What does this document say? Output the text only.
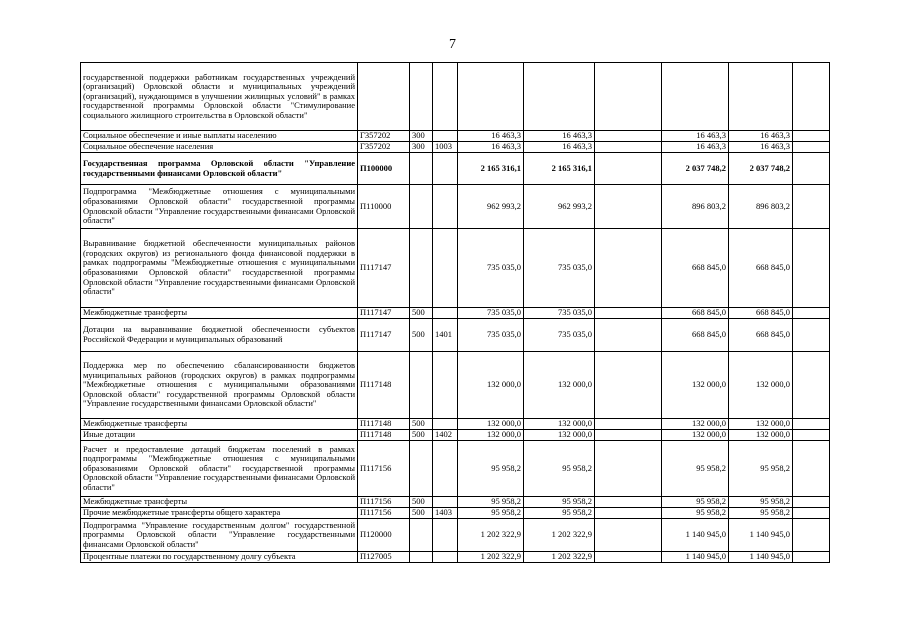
7
государственной поддержки работникам государственных учреждений (организаций) Орловской области и муниципальных учреждений (организаций), нуждающимся в улучшении жилищных условий" в рамках государственной программы Орловской области "Стимулирование социального жилищного строительства в Орловской области"									
Социальное обеспечение и иные выплаты населению	Г357202	300		16 463,3	16 463,3		16 463,3	16 463,3	
Социальное обеспечение населения	Г357202	300	1003	16 463,3	16 463,3		16 463,3	16 463,3	
Государственная программа Орловской области "Управление государственными финансами Орловской области"	П100000			2 165 316,1	2 165 316,1		2 037 748,2	2 037 748,2	
Подпрограмма "Межбюджетные отношения с муниципальными образованиями Орловской области" государственной программы Орловской области "Управление государственными финансами Орловской области"	П110000			962 993,2	962 993,2		896 803,2	896 803,2	
Выравнивание бюджетной обеспеченности муниципальных районов (городских округов) из регионального фонда финансовой поддержки в рамках подпрограммы "Межбюджетные отношения с муниципальными образованиями Орловской области" государственной программы Орловской области "Управление государственными финансами Орловской области"	П117147			735 035,0	735 035,0		668 845,0	668 845,0	
Межбюджетные трансферты	П117147	500		735 035,0	735 035,0		668 845,0	668 845,0	
Дотации на выравнивание бюджетной обеспеченности субъектов Российской Федерации и муниципальных образований	П117147	500	1401	735 035,0	735 035,0		668 845,0	668 845,0	
Поддержка мер по обеспечению сбалансированности бюджетов муниципальных районов (городских округов) в рамках подпрограммы "Межбюджетные отношения с муниципальными образованиями Орловской области" государственной программы Орловской области "Управление государственными финансами Орловской области"	П117148			132 000,0	132 000,0		132 000,0	132 000,0	
Межбюджетные трансферты	П117148	500		132 000,0	132 000,0		132 000,0	132 000,0	
Иные дотации	П117148	500	1402	132 000,0	132 000,0		132 000,0	132 000,0	
Расчет и предоставление дотаций бюджетам поселений в рамках подпрограммы "Межбюджетные отношения с муниципальными образованиями Орловской области" государственной программы Орловской области "Управление государственными финансами Орловской области"	П117156			95 958,2	95 958,2		95 958,2	95 958,2	
Межбюджетные трансферты	П117156	500		95 958,2	95 958,2		95 958,2	95 958,2	
Прочие межбюджетные трансферты общего характера	П117156	500	1403	95 958,2	95 958,2		95 958,2	95 958,2	
Подпрограмма "Управление государственным долгом" государственной программы Орловской области "Управление государственными финансами Орловской области"	П120000			1 202 322,9	1 202 322,9		1 140 945,0	1 140 945,0	
Процентные платежи по государственному долгу субъекта	П127005			1 202 322,9	1 202 322,9		1 140 945,0	1 140 945,0	
